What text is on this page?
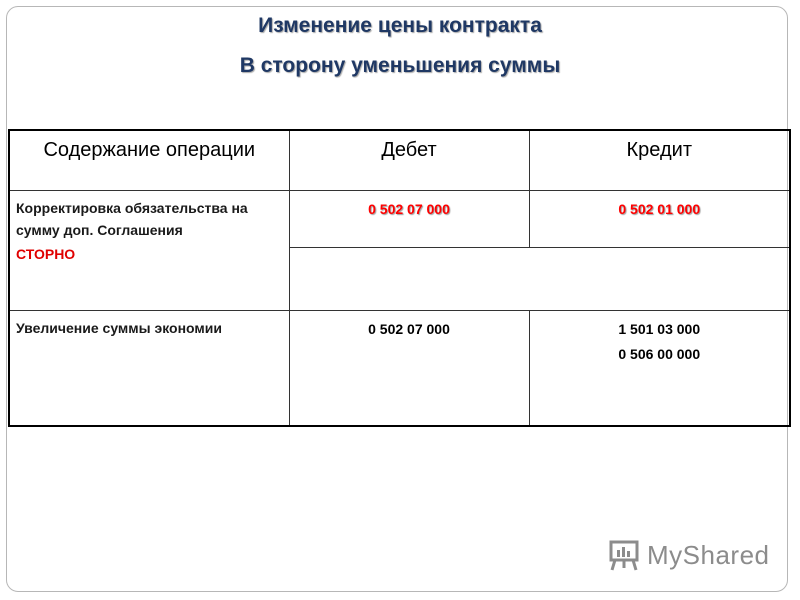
Изменение цены контракта
В сторону уменьшения суммы
Содержание операции	Дебет	Кредит

Корректировка обязательства на сумму доп. Соглашения
СТОРНО	0 502 07 000	0 502 01 000

Увеличение суммы экономии	0 502 07 000	1 501 03 000
0 506 00 000
MyShared
